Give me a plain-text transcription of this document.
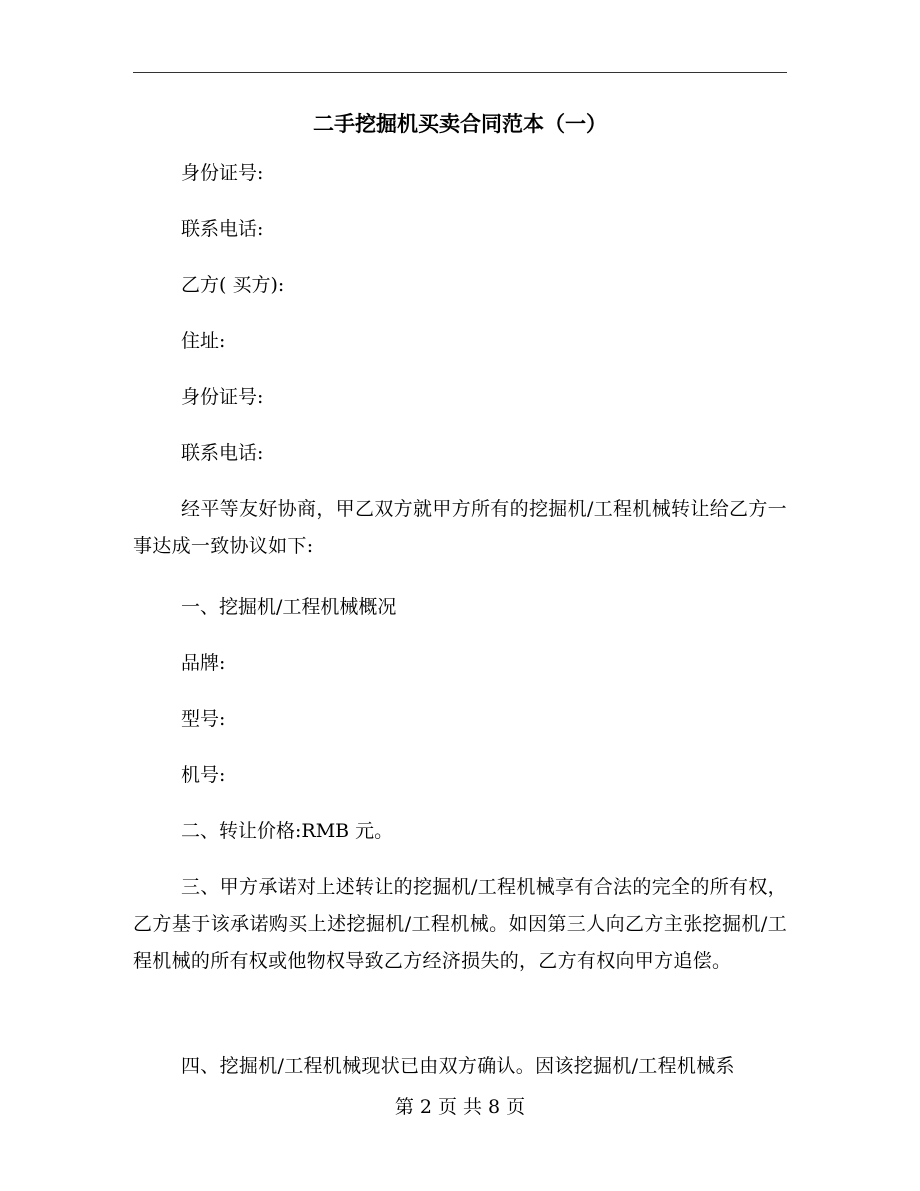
二手挖掘机买卖合同范本（一）
身份证号:
联系电话:
乙方( 买方):
住址:
身份证号:
联系电话:
经平等友好协商，甲乙双方就甲方所有的挖掘机/工程机械转让给乙方一事达成一致协议如下:
一、挖掘机/工程机械概况
品牌:
型号:
机号:
二、转让价格:RMB 元。
三、甲方承诺对上述转让的挖掘机/工程机械享有合法的完全的所有权，乙方基于该承诺购买上述挖掘机/工程机械。如因第三人向乙方主张挖掘机/工程机械的所有权或他物权导致乙方经济损失的，乙方有权向甲方追偿。
四、挖掘机/工程机械现状已由双方确认。因该挖掘机/工程机械系
第 2 页 共 8 页
